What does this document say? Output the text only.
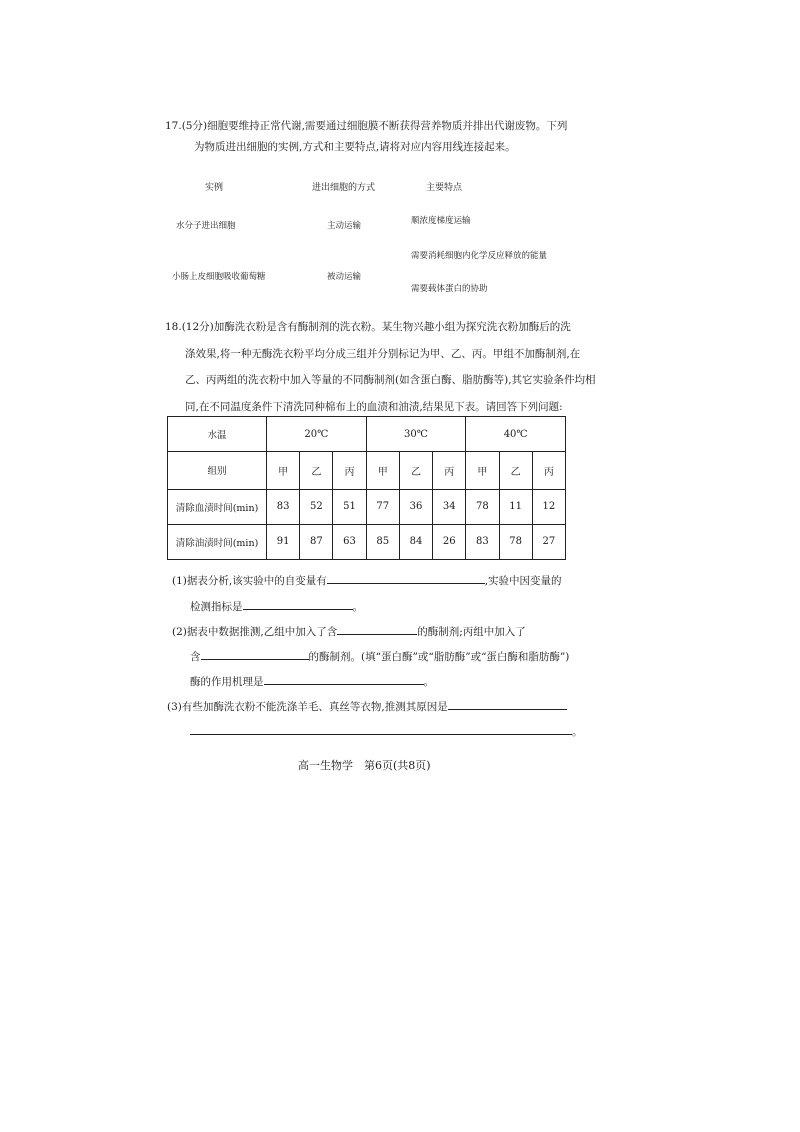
17.(5分)细胞要维持正常代谢,需要通过细胞膜不断获得营养物质并排出代谢废物。下列
为物质进出细胞的实例,方式和主要特点,请将对应内容用线连接起来。
实例	进出细胞的方式	主要特点
水分子进出细胞
小肠上皮细胞吸收葡萄糖
主动运输
被动运输
顺浓度梯度运输
需要消耗细胞内化学反应释放的能量
需要载体蛋白的协助
18.(12分)加酶洗衣粉是含有酶制剂的洗衣粉。某生物兴趣小组为探究洗衣粉加酶后的洗
涤效果,将一种无酶洗衣粉平均分成三组并分别标记为甲、乙、丙。甲组不加酶制剂,在
乙、丙两组的洗衣粉中加入等量的不同酶制剂(如含蛋白酶、脂肪酶等),其它实验条件均相
同,在不同温度条件下清洗同种棉布上的血渍和油渍,结果见下表。请回答下列问题:
水温	20℃			30℃			40℃		
组别	甲	乙	丙	甲	乙	丙	甲	乙	丙
清除血渍时间(min)	83	52	51	77	36	34	78	11	12
清除油渍时间(min)	91	87	63	85	84	26	83	78	27
(1)据表分析,该实验中的自变量有	,实验中因变量的
检测指标是	。
(2)据表中数据推测,乙组中加入了含	的酶制剂;丙组中加入了
含	的酶制剂。(填“蛋白酶”或“脂肪酶”或“蛋白酶和脂肪酶”)
酶的作用机理是	。
(3)有些加酶洗衣粉不能洗涤羊毛、真丝等衣物,推测其原因是
。
高一生物学　第6页(共8页)
